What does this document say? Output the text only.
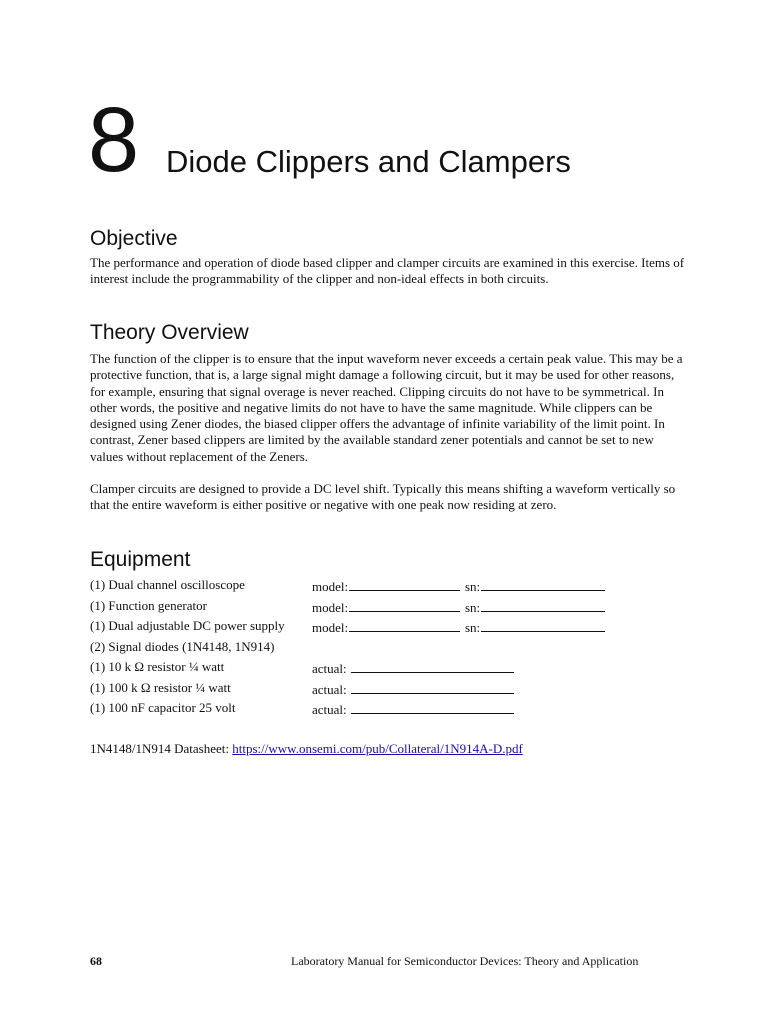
8 Diode Clippers and Clampers
Objective
The performance and operation of diode based clipper and clamper circuits are examined in this exercise. Items of interest include the programmability of the clipper and non-ideal effects in both circuits.
Theory Overview
The function of the clipper is to ensure that the input waveform never exceeds a certain peak value. This may be a protective function, that is, a large signal might damage a following circuit, but it may be used for other reasons, for example, ensuring that signal overage is never reached. Clipping circuits do not have to be symmetrical. In other words, the positive and negative limits do not have to have the same magnitude. While clippers can be designed using Zener diodes, the biased clipper offers the advantage of infinite variability of the limit point. In contrast, Zener based clippers are limited by the available standard zener potentials and cannot be set to new values without replacement of the Zeners.
Clamper circuits are designed to provide a DC level shift. Typically this means shifting a waveform vertically so that the entire waveform is either positive or negative with one peak now residing at zero.
Equipment
(1) Dual channel oscilloscope	model:	sn:
(1) Function generator	model:	sn:
(1) Dual adjustable DC power supply model:	sn:
(2) Signal diodes (1N4148, 1N914)
(1) 10 k Ω resistor ¼ watt	actual:
(1) 100 k Ω resistor ¼ watt	actual:
(1) 100 nF capacitor 25 volt	actual:
1N4148/1N914 Datasheet: https://www.onsemi.com/pub/Collateral/1N914A-D.pdf
68	Laboratory Manual for Semiconductor Devices: Theory and Application
